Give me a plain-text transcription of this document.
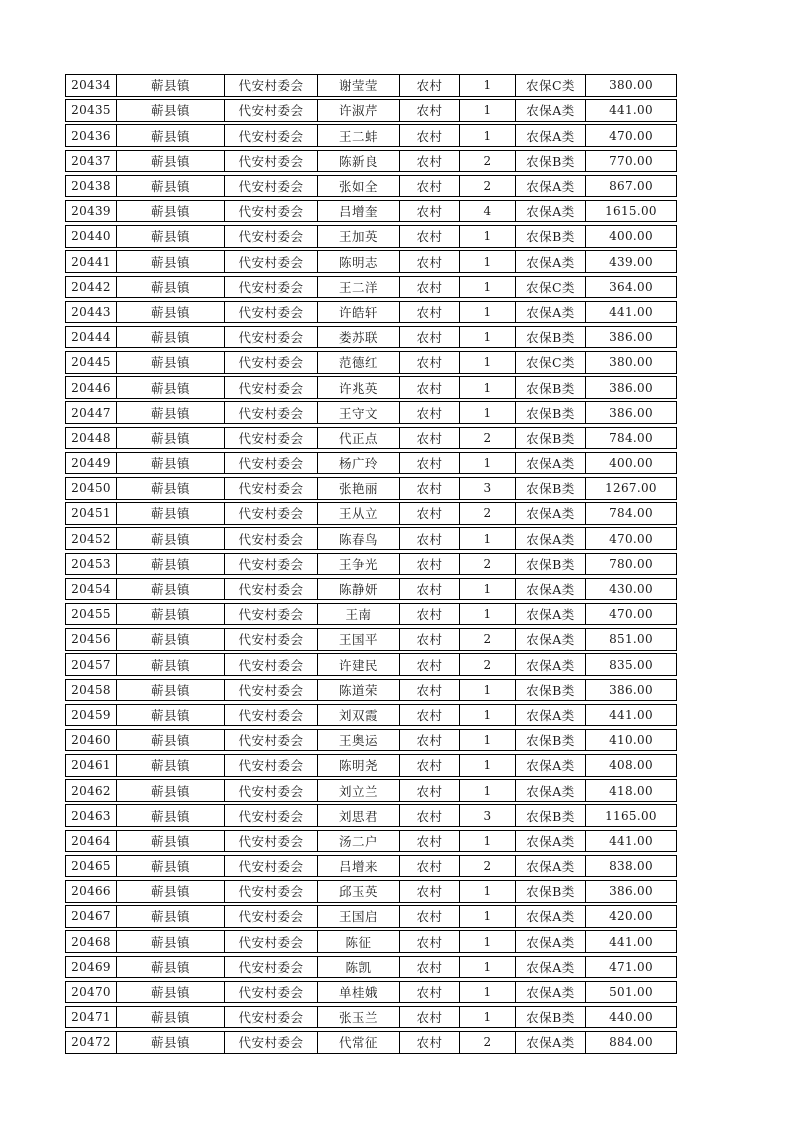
20434	蕲县镇	代安村委会	谢莹莹	农村	1	农保C类	380.00
20435	蕲县镇	代安村委会	许淑芹	农村	1	农保A类	441.00
20436	蕲县镇	代安村委会	王二蚌	农村	1	农保A类	470.00
20437	蕲县镇	代安村委会	陈新良	农村	2	农保B类	770.00
20438	蕲县镇	代安村委会	张如全	农村	2	农保A类	867.00
20439	蕲县镇	代安村委会	吕增奎	农村	4	农保A类	1615.00
20440	蕲县镇	代安村委会	王加英	农村	1	农保B类	400.00
20441	蕲县镇	代安村委会	陈明志	农村	1	农保A类	439.00
20442	蕲县镇	代安村委会	王二洋	农村	1	农保C类	364.00
20443	蕲县镇	代安村委会	许皓轩	农村	1	农保A类	441.00
20444	蕲县镇	代安村委会	娄苏联	农村	1	农保B类	386.00
20445	蕲县镇	代安村委会	范德红	农村	1	农保C类	380.00
20446	蕲县镇	代安村委会	许兆英	农村	1	农保B类	386.00
20447	蕲县镇	代安村委会	王守文	农村	1	农保B类	386.00
20448	蕲县镇	代安村委会	代正点	农村	2	农保B类	784.00
20449	蕲县镇	代安村委会	杨广玲	农村	1	农保A类	400.00
20450	蕲县镇	代安村委会	张艳丽	农村	3	农保B类	1267.00
20451	蕲县镇	代安村委会	王从立	农村	2	农保A类	784.00
20452	蕲县镇	代安村委会	陈春鸟	农村	1	农保A类	470.00
20453	蕲县镇	代安村委会	王争光	农村	2	农保B类	780.00
20454	蕲县镇	代安村委会	陈静妍	农村	1	农保A类	430.00
20455	蕲县镇	代安村委会	王南	农村	1	农保A类	470.00
20456	蕲县镇	代安村委会	王国平	农村	2	农保A类	851.00
20457	蕲县镇	代安村委会	许建民	农村	2	农保A类	835.00
20458	蕲县镇	代安村委会	陈道荣	农村	1	农保B类	386.00
20459	蕲县镇	代安村委会	刘双霞	农村	1	农保A类	441.00
20460	蕲县镇	代安村委会	王奥运	农村	1	农保B类	410.00
20461	蕲县镇	代安村委会	陈明尧	农村	1	农保A类	408.00
20462	蕲县镇	代安村委会	刘立兰	农村	1	农保A类	418.00
20463	蕲县镇	代安村委会	刘思君	农村	3	农保B类	1165.00
20464	蕲县镇	代安村委会	汤二户	农村	1	农保A类	441.00
20465	蕲县镇	代安村委会	吕增来	农村	2	农保A类	838.00
20466	蕲县镇	代安村委会	邱玉英	农村	1	农保B类	386.00
20467	蕲县镇	代安村委会	王国启	农村	1	农保A类	420.00
20468	蕲县镇	代安村委会	陈征	农村	1	农保A类	441.00
20469	蕲县镇	代安村委会	陈凯	农村	1	农保A类	471.00
20470	蕲县镇	代安村委会	单桂娥	农村	1	农保A类	501.00
20471	蕲县镇	代安村委会	张玉兰	农村	1	农保B类	440.00
20472	蕲县镇	代安村委会	代常征	农村	2	农保A类	884.00
